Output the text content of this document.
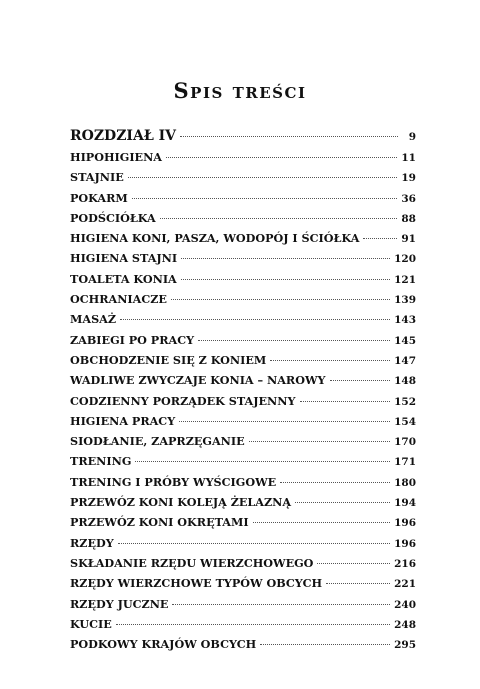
Spis treści
ROZDZIAŁ IV	9
HIPOHIGIENA	11
STAJNIE	19
POKARM	36
PODŚCIÓŁKA	88
HIGIENA KONI, PASZA, WODOPÓJ I ŚCIÓŁKA	91
HIGIENA STAJNI	120
TOALETA KONIA	121
OCHRANIACZE	139
MASAŻ	143
ZABIEGI PO PRACY	145
OBCHODZENIE SIĘ Z KONIEM	147
WADLIWE ZWYCZAJE KONIA – NAROWY	148
CODZIENNY PORZĄDEK STAJENNY	152
HIGIENA PRACY	154
SIODŁANIE, ZAPRZĘGANIE	170
TRENING	171
TRENING I PRÓBY WYŚCIGOWE	180
PRZEWÓZ KONI KOLEJĄ ŻELAZNĄ	194
PRZEWÓZ KONI OKRĘTAMI	196
RZĘDY	196
SKŁADANIE RZĘDU WIERZCHOWEGO	216
RZĘDY WIERZCHOWE TYPÓW OBCYCH	221
RZĘDY JUCZNE	240
KUCIE	248
PODKOWY KRAJÓW OBCYCH	295
